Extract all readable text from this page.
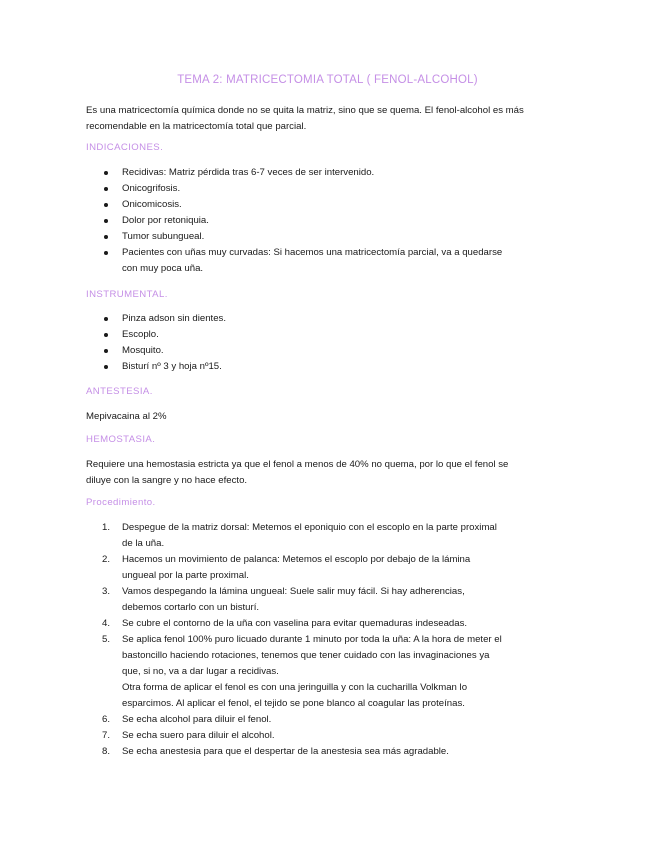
TEMA 2: MATRICECTOMIA TOTAL ( FENOL-ALCOHOL)

Es una matricectomía química donde no se quita la matriz, sino que se quema. El fenol-alcohol es más recomendable en la matricectomía total que parcial.

INDICACIONES.
Recidivas: Matriz pérdida tras 6-7 veces de ser intervenido.
Onicogrifosis.
Onicomicosis.
Dolor por retoniquia.
Tumor subungueal.
Pacientes con uñas muy curvadas: Si hacemos una matricectomía parcial, va a quedarse con muy poca uña.
INSTRUMENTAL.
Pinza adson sin dientes.
Escoplo.
Mosquito.
Bisturí nº 3 y hoja nº15.
ANTESTESIA.

Mepivacaina al 2%

HEMOSTASIA.

Requiere una hemostasia estricta ya que el fenol a menos de 40% no quema, por lo que el fenol se diluye con la sangre y no hace efecto.

Procedimiento.
1. Despegue de la matriz dorsal: Metemos el eponiquio con el escoplo en la parte proximal de la uña.
2. Hacemos un movimiento de palanca: Metemos el escoplo por debajo de la lámina ungueal por la parte proximal.
3. Vamos despegando la lámina ungueal: Suele salir muy fácil. Si hay adherencias, debemos cortarlo con un bisturí.
4. Se cubre el contorno de la uña con vaselina para evitar quemaduras indeseadas.
5. Se aplica fenol 100% puro licuado durante 1 minuto por toda la uña: A la hora de meter el bastoncillo haciendo rotaciones, tenemos que tener cuidado con las invaginaciones ya que, si no, va a dar lugar a recidivas.
Otra forma de aplicar el fenol es con una jeringuilla y con la cucharilla Volkman lo esparcimos. Al aplicar el fenol, el tejido se pone blanco al coagular las proteínas.
6. Se echa alcohol para diluir el fenol.
7. Se echa suero para diluir el alcohol.
8. Se echa anestesia para que el despertar de la anestesia sea más agradable.
